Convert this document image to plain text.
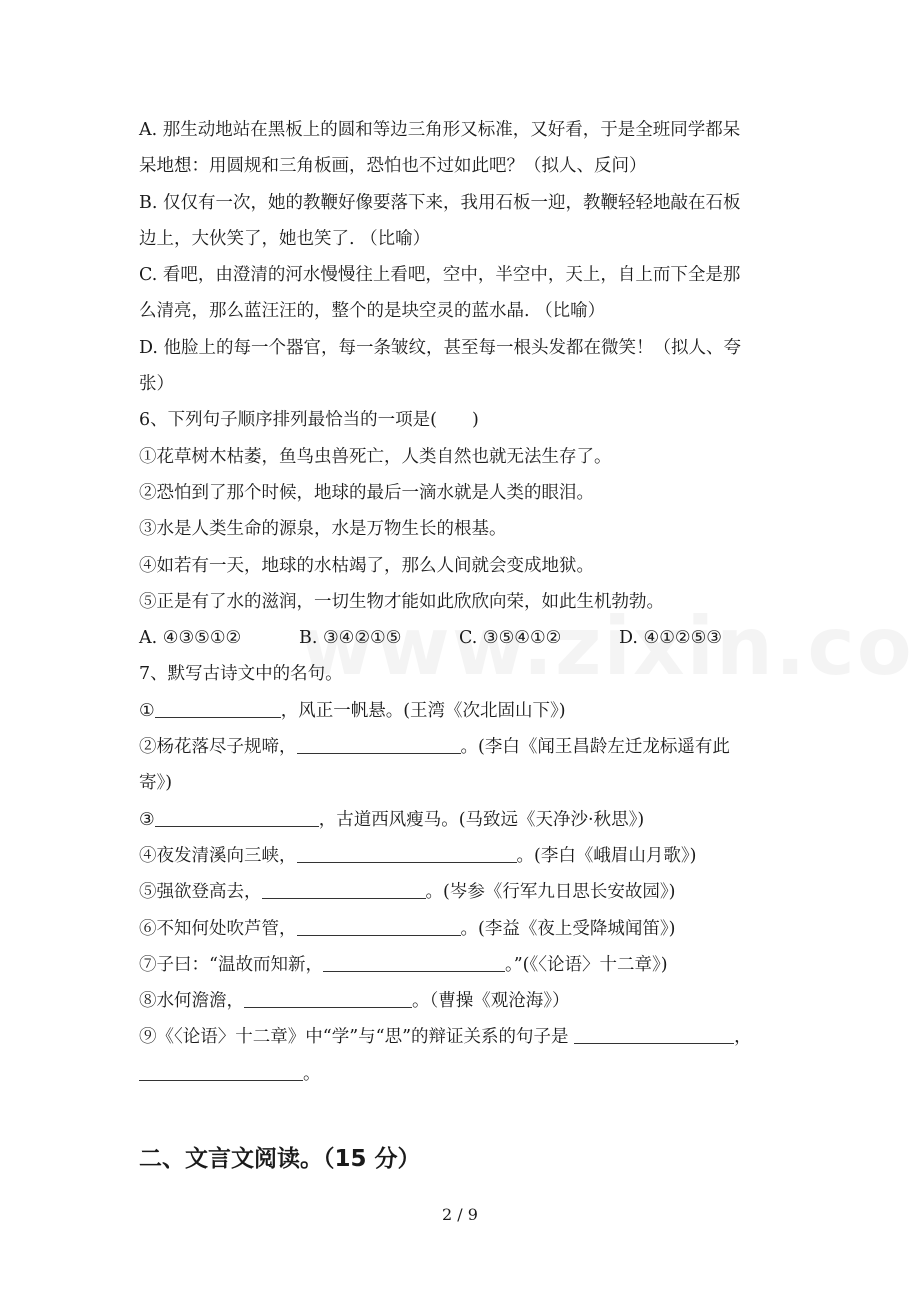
A. 那生动地站在黑板上的圆和等边三角形又标准，又好看，于是全班同学都呆
呆地想：用圆规和三角板画，恐怕也不过如此吧？（拟人、反问）
B. 仅仅有一次，她的教鞭好像要落下来，我用石板一迎，教鞭轻轻地敲在石板
边上，大伙笑了，她也笑了. （比喻）
C. 看吧，由澄清的河水慢慢往上看吧，空中，半空中，天上，自上而下全是那
么清亮，那么蓝汪汪的，整个的是块空灵的蓝水晶. （比喻）
D. 他脸上的每一个器官，每一条皱纹，甚至每一根头发都在微笑！（拟人、夸
张）
6、下列句子顺序排列最恰当的一项是(　　)
①花草树木枯萎，鱼鸟虫兽死亡，人类自然也就无法生存了。
②恐怕到了那个时候，地球的最后一滴水就是人类的眼泪。
③水是人类生命的源泉，水是万物生长的根基。
④如若有一天，地球的水枯竭了，那么人间就会变成地狱。
⑤正是有了水的滋润，一切生物才能如此欣欣向荣，如此生机勃勃。
A. ④③⑤①②	B. ③④②①⑤	C. ③⑤④①②	D. ④①②⑤③
7、默写古诗文中的名句。
①	，风正一帆悬。(王湾《次北固山下》)
②杨花落尽子规啼，	。(李白《闻王昌龄左迁龙标遥有此
寄》)
③	，古道西风瘦马。(马致远《天净沙·秋思》)
④夜发清溪向三峡，	。(李白《峨眉山月歌》)
⑤强欲登高去，	。(岑参《行军九日思长安故园》)
⑥不知何处吹芦管，	。(李益《夜上受降城闻笛》)
⑦子曰：“温故而知新，	。”(《〈论语〉十二章》)
⑧水何澹澹，	。（曹操《观沧海》）
⑨《〈论语〉十二章》中“学”与“思”的辩证关系的句子是	，
。
二、文言文阅读。（15 分）
2 / 9
